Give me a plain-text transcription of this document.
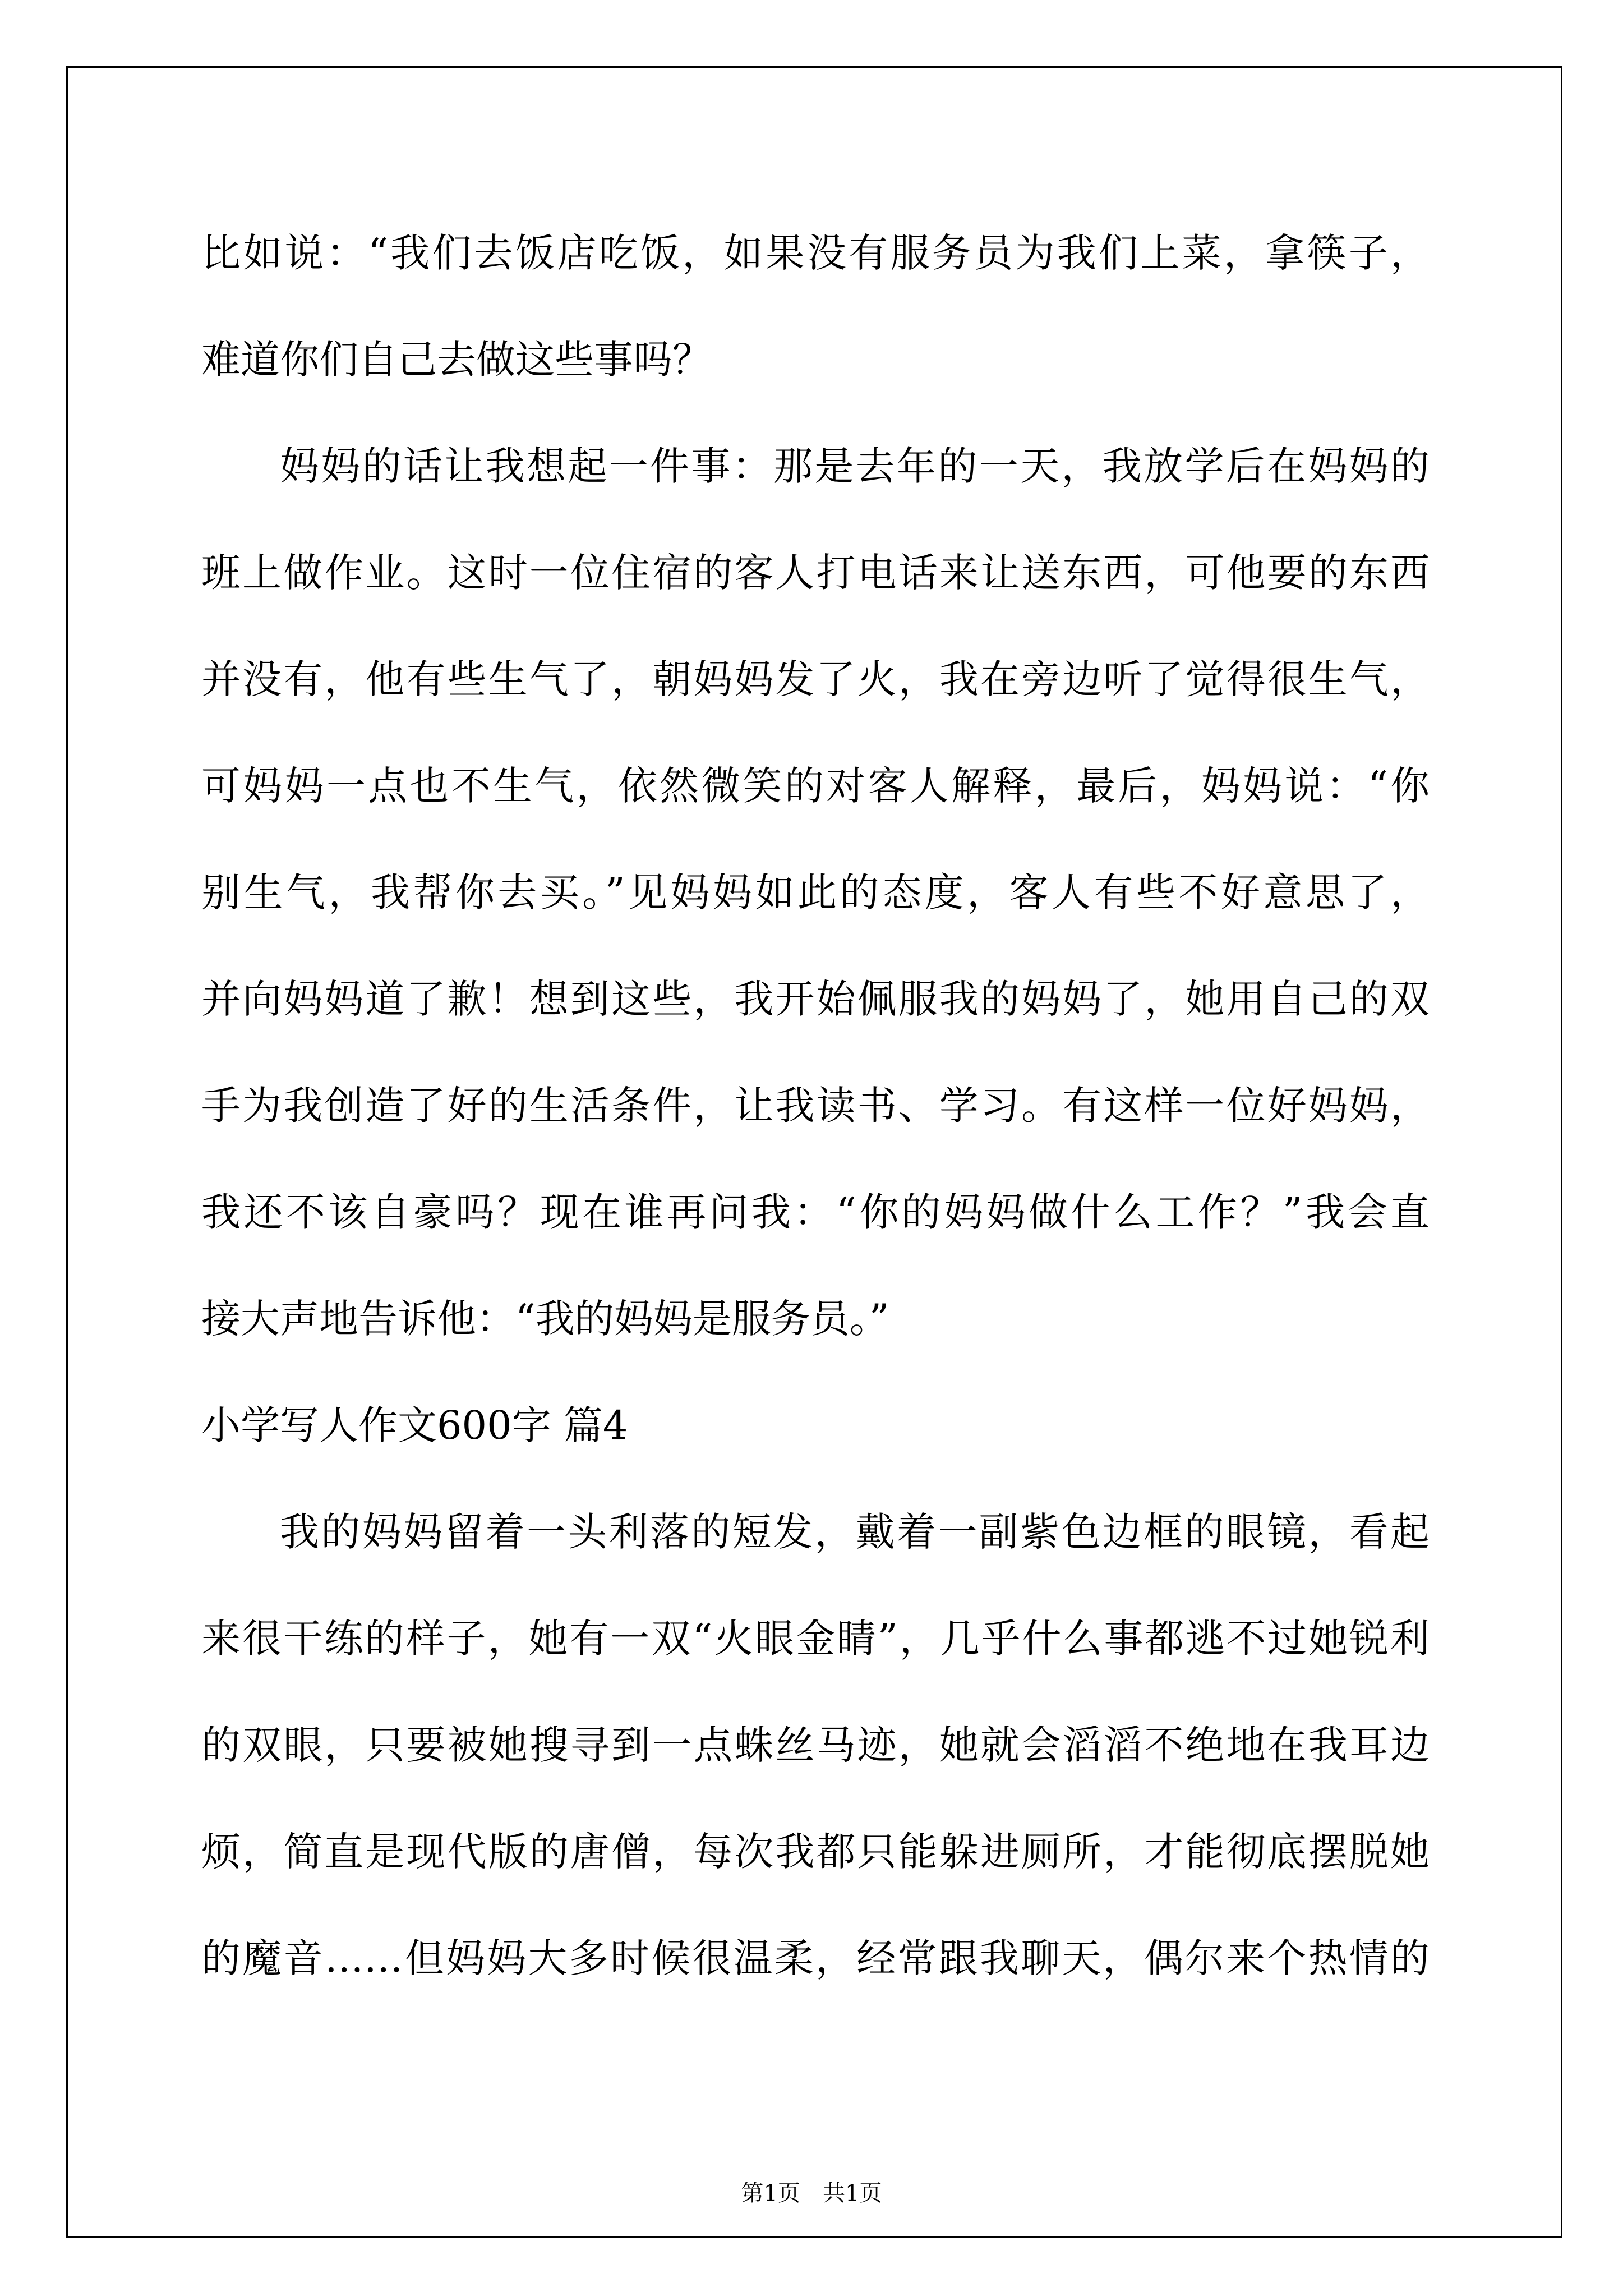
比如说：“我们去饭店吃饭，如果没有服务员为我们上菜，拿筷子，
难道你们自己去做这些事吗？
妈妈的话让我想起一件事：那是去年的一天，我放学后在妈妈的
班上做作业。这时一位住宿的客人打电话来让送东西，可他要的东西
并没有，他有些生气了，朝妈妈发了火，我在旁边听了觉得很生气，
可妈妈一点也不生气，依然微笑的对客人解释，最后，妈妈说：“你
别生气，我帮你去买。”见妈妈如此的态度，客人有些不好意思了，
并向妈妈道了歉！想到这些，我开始佩服我的妈妈了，她用自己的双
手为我创造了好的生活条件，让我读书、学习。有这样一位好妈妈，
我还不该自豪吗？现在谁再问我：“你的妈妈做什么工作？”我会直
接大声地告诉他：“我的妈妈是服务员。”
小学写人作文600字 篇4
我的妈妈留着一头利落的短发，戴着一副紫色边框的眼镜，看起
来很干练的样子，她有一双“火眼金睛”，几乎什么事都逃不过她锐利
的双眼，只要被她搜寻到一点蛛丝马迹，她就会滔滔不绝地在我耳边
烦，简直是现代版的唐僧，每次我都只能躲进厕所，才能彻底摆脱她
的魔音……但妈妈大多时候很温柔，经常跟我聊天，偶尔来个热情的
第1页 共1页
